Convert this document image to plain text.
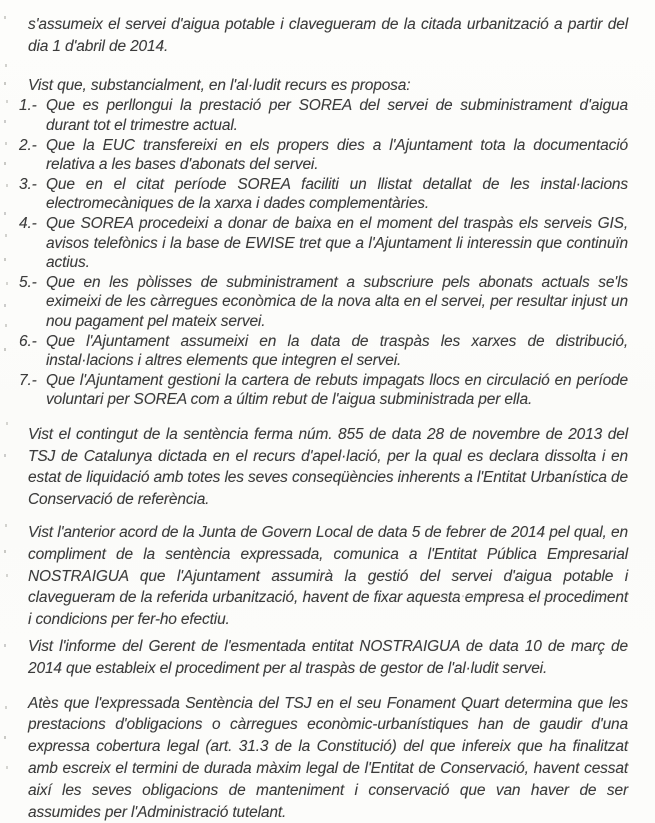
s'assumeix el servei d'aigua potable i clavegueram de la citada urbanització a partir del dia 1 d'abril de 2014.

Vist que, substancialment, en l'al·ludit recurs es proposa:

1.- Que es perllongui la prestació per SOREA del servei de subministrament d'aigua durant tot el trimestre actual.
2.- Que la EUC transfereixi en els propers dies a l'Ajuntament tota la documentació relativa a les bases d'abonats del servei.
3.- Que en el citat període SOREA faciliti un llistat detallat de les instal·lacions electromecàniques de la xarxa i dades complementàries.
4.- Que SOREA procedeixi a donar de baixa en el moment del traspàs els serveis GIS, avisos telefònics i la base de EWISE tret que a l'Ajuntament li interessin que continuïn actius.
5.- Que en les pòlisses de subministrament a subscriure pels abonats actuals se'ls eximeixi de les càrregues econòmica de la nova alta en el servei, per resultar injust un nou pagament pel mateix servei.
6.- Que l'Ajuntament assumeixi en la data de traspàs les xarxes de distribució, instal·lacions i altres elements que integren el servei.
7.- Que l'Ajuntament gestioni la cartera de rebuts impagats llocs en circulació en període voluntari per SOREA com a últim rebut de l'aigua subministrada per ella.

Vist el contingut de la sentència ferma núm. 855 de data 28 de novembre de 2013 del TSJ de Catalunya dictada en el recurs d'apel·lació, per la qual es declara dissolta i en estat de liquidació amb totes les seves conseqüències inherents a l'Entitat Urbanística de Conservació de referència.

Vist l'anterior acord de la Junta de Govern Local de data 5 de febrer de 2014 pel qual, en compliment de la sentència expressada, comunica a l'Entitat Pública Empresarial NOSTRAIGUA que l'Ajuntament assumirà la gestió del servei d'aigua potable i clavegueram de la referida urbanització, havent de fixar aquesta empresa el procediment i condicions per fer-ho efectiu.

Vist l'informe del Gerent de l'esmentada entitat NOSTRAIGUA de data 10 de març de 2014 que estableix el procediment per al traspàs de gestor de l'al·ludit servei.

Atès que l'expressada Sentència del TSJ en el seu Fonament Quart determina que les prestacions d'obligacions o càrregues econòmic-urbanístiques han de gaudir d'una expressa cobertura legal (art. 31.3 de la Constitució) del que infereix que ha finalitzat amb escreix el termini de durada màxim legal de l'Entitat de Conservació, havent cessat així les seves obligacions de manteniment i conservació que van haver de ser assumides per l'Administració tutelant.
